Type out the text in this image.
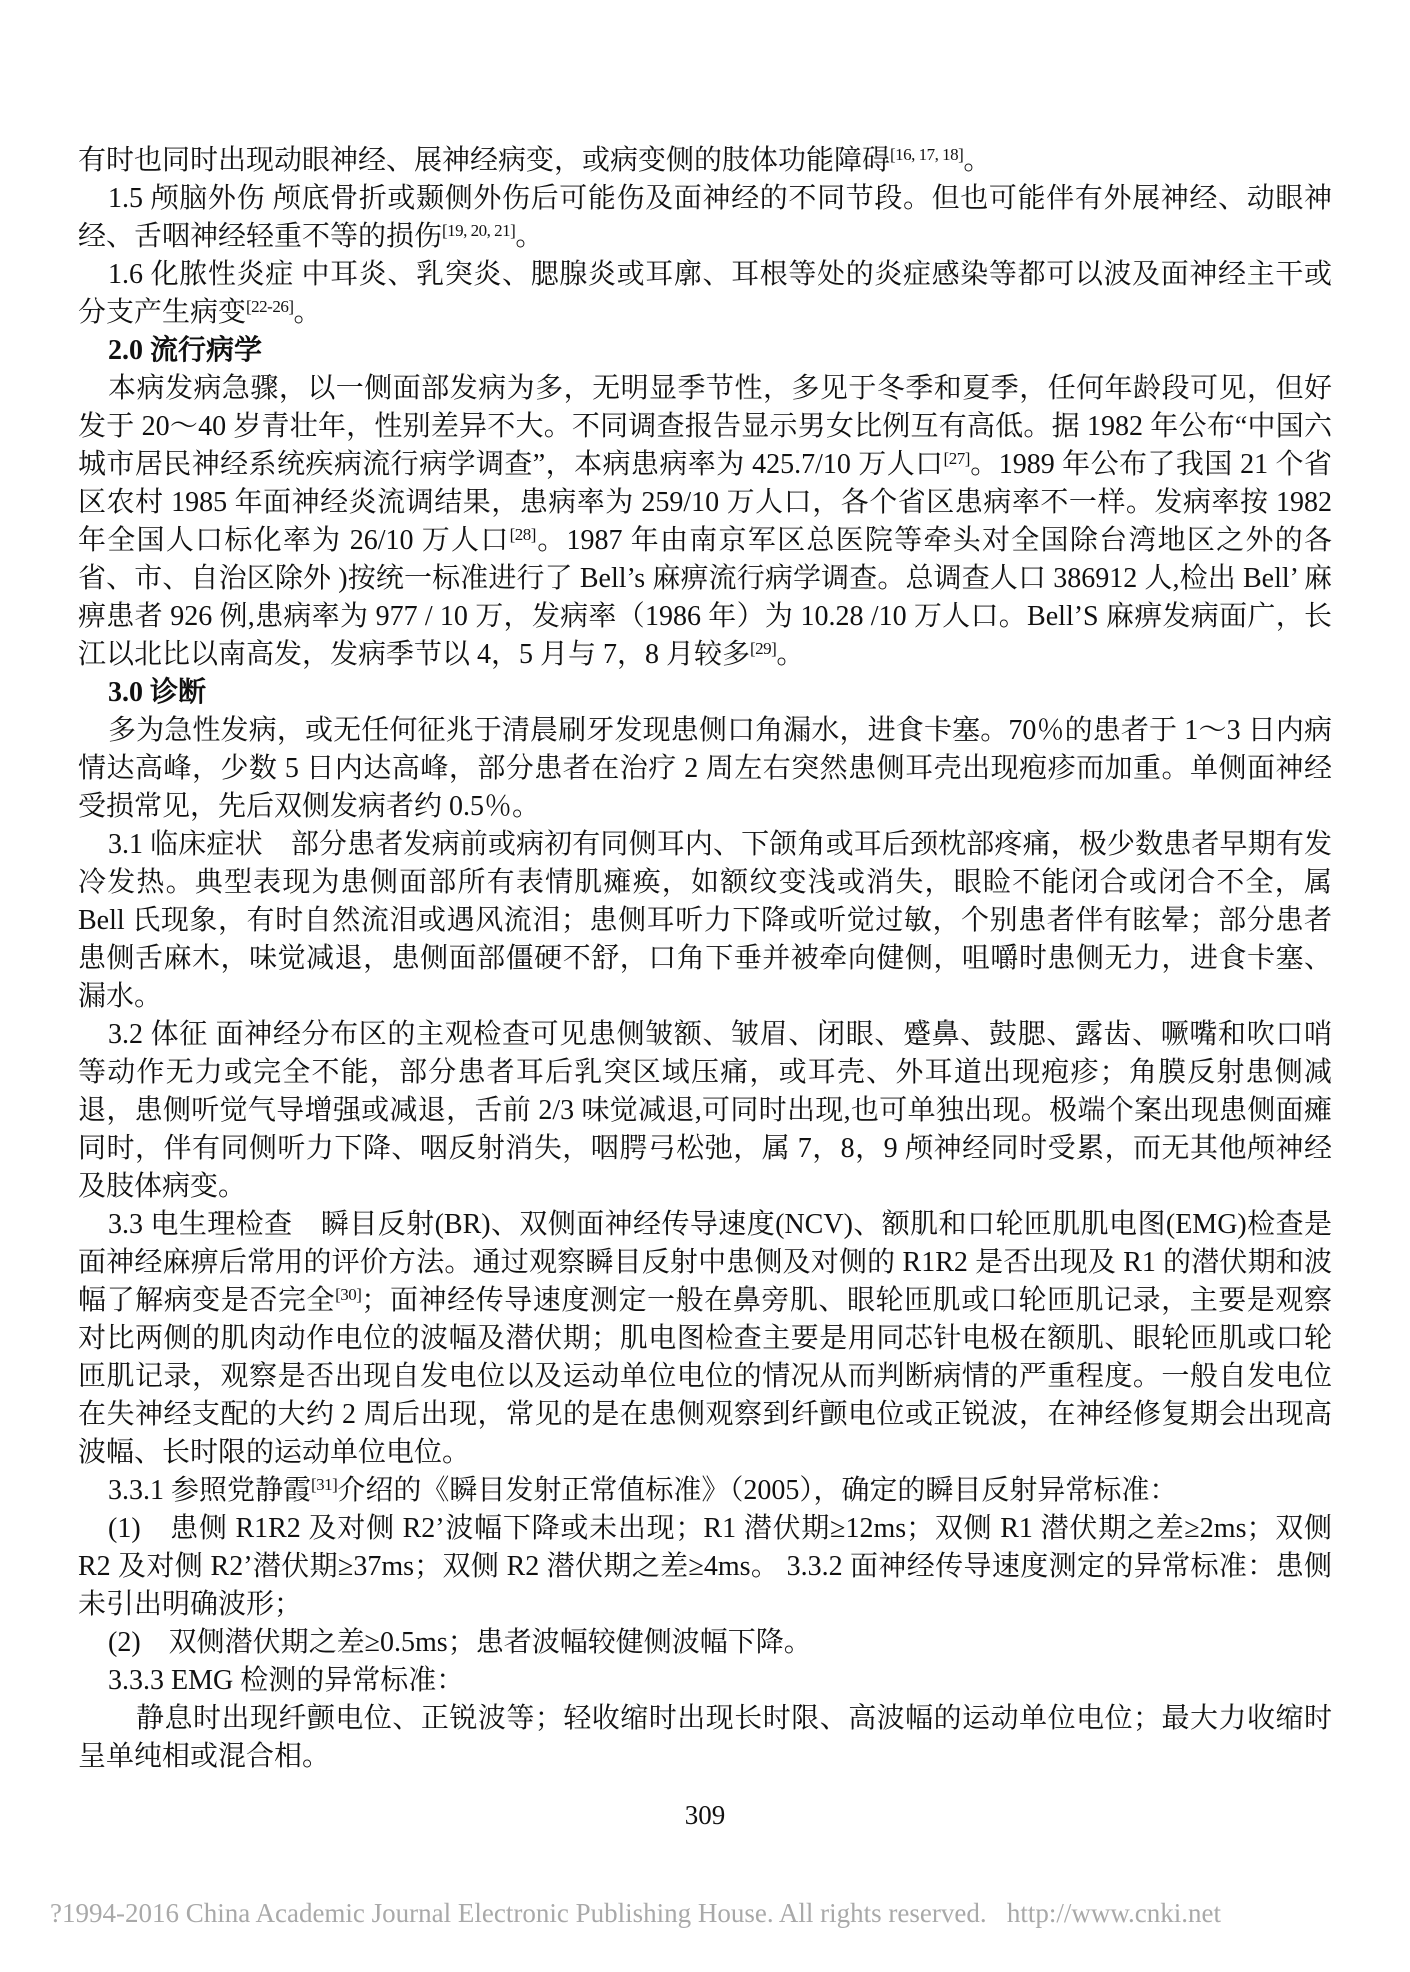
有时也同时出现动眼神经、展神经病变，或病变侧的肢体功能障碍[16, 17, 18]。

1.5 颅脑外伤 颅底骨折或颞侧外伤后可能伤及面神经的不同节段。但也可能伴有外展神经、动眼神经、舌咽神经轻重不等的损伤[19, 20, 21]。

1.6 化脓性炎症 中耳炎、乳突炎、腮腺炎或耳廓、耳根等处的炎症感染等都可以波及面神经主干或分支产生病变[22-26]。

2.0 流行病学

本病发病急骤，以一侧面部发病为多，无明显季节性，多见于冬季和夏季，任何年龄段可见，但好发于 20～40 岁青壮年，性别差异不大。不同调查报告显示男女比例互有高低。据 1982 年公布“中国六城市居民神经系统疾病流行病学调查”，本病患病率为 425.7/10 万人口[27]。1989 年公布了我国 21 个省区农村 1985 年面神经炎流调结果，患病率为 259/10 万人口，各个省区患病率不一样。发病率按 1982 年全国人口标化率为 26/10 万人口[28]。1987 年由南京军区总医院等牵头对全国除台湾地区之外的各省、市、自治区除外 )按统一标准进行了 Bell’s 麻痹流行病学调查。总调查人口 386912 人,检出 Bell’ 麻痹患者 926 例,患病率为 977 / 10 万，发病率（1986 年）为 10.28 /10 万人口。Bell’S 麻痹发病面广，长江以北比以南高发，发病季节以 4，5 月与 7，8 月较多[29]。

3.0 诊断

多为急性发病，或无任何征兆于清晨刷牙发现患侧口角漏水，进食卡塞。70％的患者于 1～3 日内病情达高峰，少数 5 日内达高峰，部分患者在治疗 2 周左右突然患侧耳壳出现疱疹而加重。单侧面神经受损常见，先后双侧发病者约 0.5％。

3.1 临床症状　部分患者发病前或病初有同侧耳内、下颌角或耳后颈枕部疼痛，极少数患者早期有发冷发热。典型表现为患侧面部所有表情肌瘫痪，如额纹变浅或消失，眼睑不能闭合或闭合不全，属 Bell 氏现象，有时自然流泪或遇风流泪；患侧耳听力下降或听觉过敏，个别患者伴有眩晕；部分患者患侧舌麻木，味觉减退，患侧面部僵硬不舒，口角下垂并被牵向健侧，咀嚼时患侧无力，进食卡塞、漏水。

3.2 体征 面神经分布区的主观检查可见患侧皱额、皱眉、闭眼、蹙鼻、鼓腮、露齿、噘嘴和吹口哨等动作无力或完全不能，部分患者耳后乳突区域压痛，或耳壳、外耳道出现疱疹；角膜反射患侧减退，患侧听觉气导增强或减退，舌前 2/3 味觉减退,可同时出现,也可单独出现。极端个案出现患侧面瘫同时，伴有同侧听力下降、咽反射消失，咽腭弓松弛，属 7，8，9 颅神经同时受累，而无其他颅神经及肢体病变。

3.3 电生理检查　瞬目反射(BR)、双侧面神经传导速度(NCV)、额肌和口轮匝肌肌电图(EMG)检查是面神经麻痹后常用的评价方法。通过观察瞬目反射中患侧及对侧的 R1R2 是否出现及 R1 的潜伏期和波幅了解病变是否完全[30]；面神经传导速度测定一般在鼻旁肌、眼轮匝肌或口轮匝肌记录，主要是观察对比两侧的肌肉动作电位的波幅及潜伏期；肌电图检查主要是用同芯针电极在额肌、眼轮匝肌或口轮匝肌记录，观察是否出现自发电位以及运动单位电位的情况从而判断病情的严重程度。一般自发电位在失神经支配的大约 2 周后出现，常见的是在患侧观察到纤颤电位或正锐波，在神经修复期会出现高波幅、长时限的运动单位电位。

3.3.1 参照党静霞[31]介绍的《瞬目发射正常值标准》（2005），确定的瞬目反射异常标准：

(1)　患侧 R1R2 及对侧 R2’波幅下降或未出现；R1 潜伏期≥12ms；双侧 R1 潜伏期之差≥2ms；双侧 R2 及对侧 R2’潜伏期≥37ms；双侧 R2 潜伏期之差≥4ms。 3.3.2 面神经传导速度测定的异常标准：患侧未引出明确波形；

(2)　双侧潜伏期之差≥0.5ms；患者波幅较健侧波幅下降。

3.3.3 EMG 检测的异常标准：

静息时出现纤颤电位、正锐波等；轻收缩时出现长时限、高波幅的运动单位电位；最大力收缩时呈单纯相或混合相。

309
?1994-2016 China Academic Journal Electronic Publishing House. All rights reserved.   http://www.cnki.net
